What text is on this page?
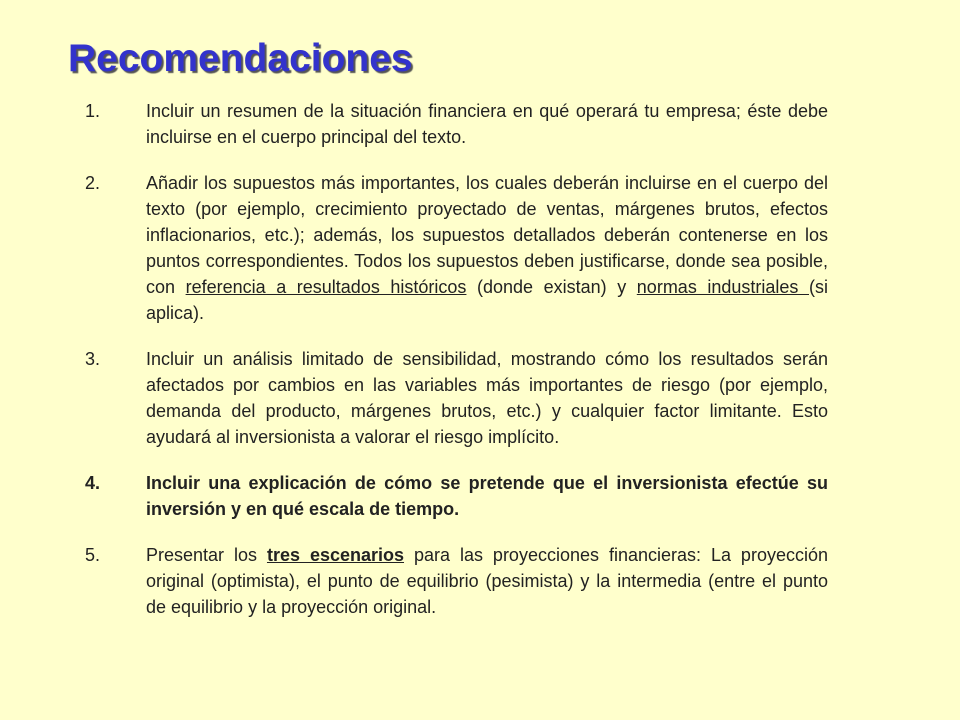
Recomendaciones
1.	Incluir un resumen de la situación financiera en qué operará tu empresa; éste debe incluirse en el cuerpo principal del texto.
2.	Añadir los supuestos más importantes, los cuales deberán incluirse en el cuerpo del texto (por ejemplo, crecimiento proyectado de ventas, márgenes brutos, efectos inflacionarios, etc.); además, los supuestos detallados deberán contenerse en los puntos correspondientes. Todos los supuestos deben justificarse, donde sea posible, con referencia a resultados históricos (donde existan) y normas industriales (si aplica).
3.	Incluir un análisis limitado de sensibilidad, mostrando cómo los resultados serán afectados por cambios en las variables más importantes de riesgo (por ejemplo, demanda del producto, márgenes brutos, etc.) y cualquier factor limitante. Esto ayudará al inversionista a valorar el riesgo implícito.
4.	Incluir una explicación de cómo se pretende que el inversionista efectúe su inversión y en qué escala de tiempo.
5.	Presentar los tres escenarios para las proyecciones financieras: La proyección original (optimista), el punto de equilibrio (pesimista) y la intermedia (entre el punto de equilibrio y la proyección original.
